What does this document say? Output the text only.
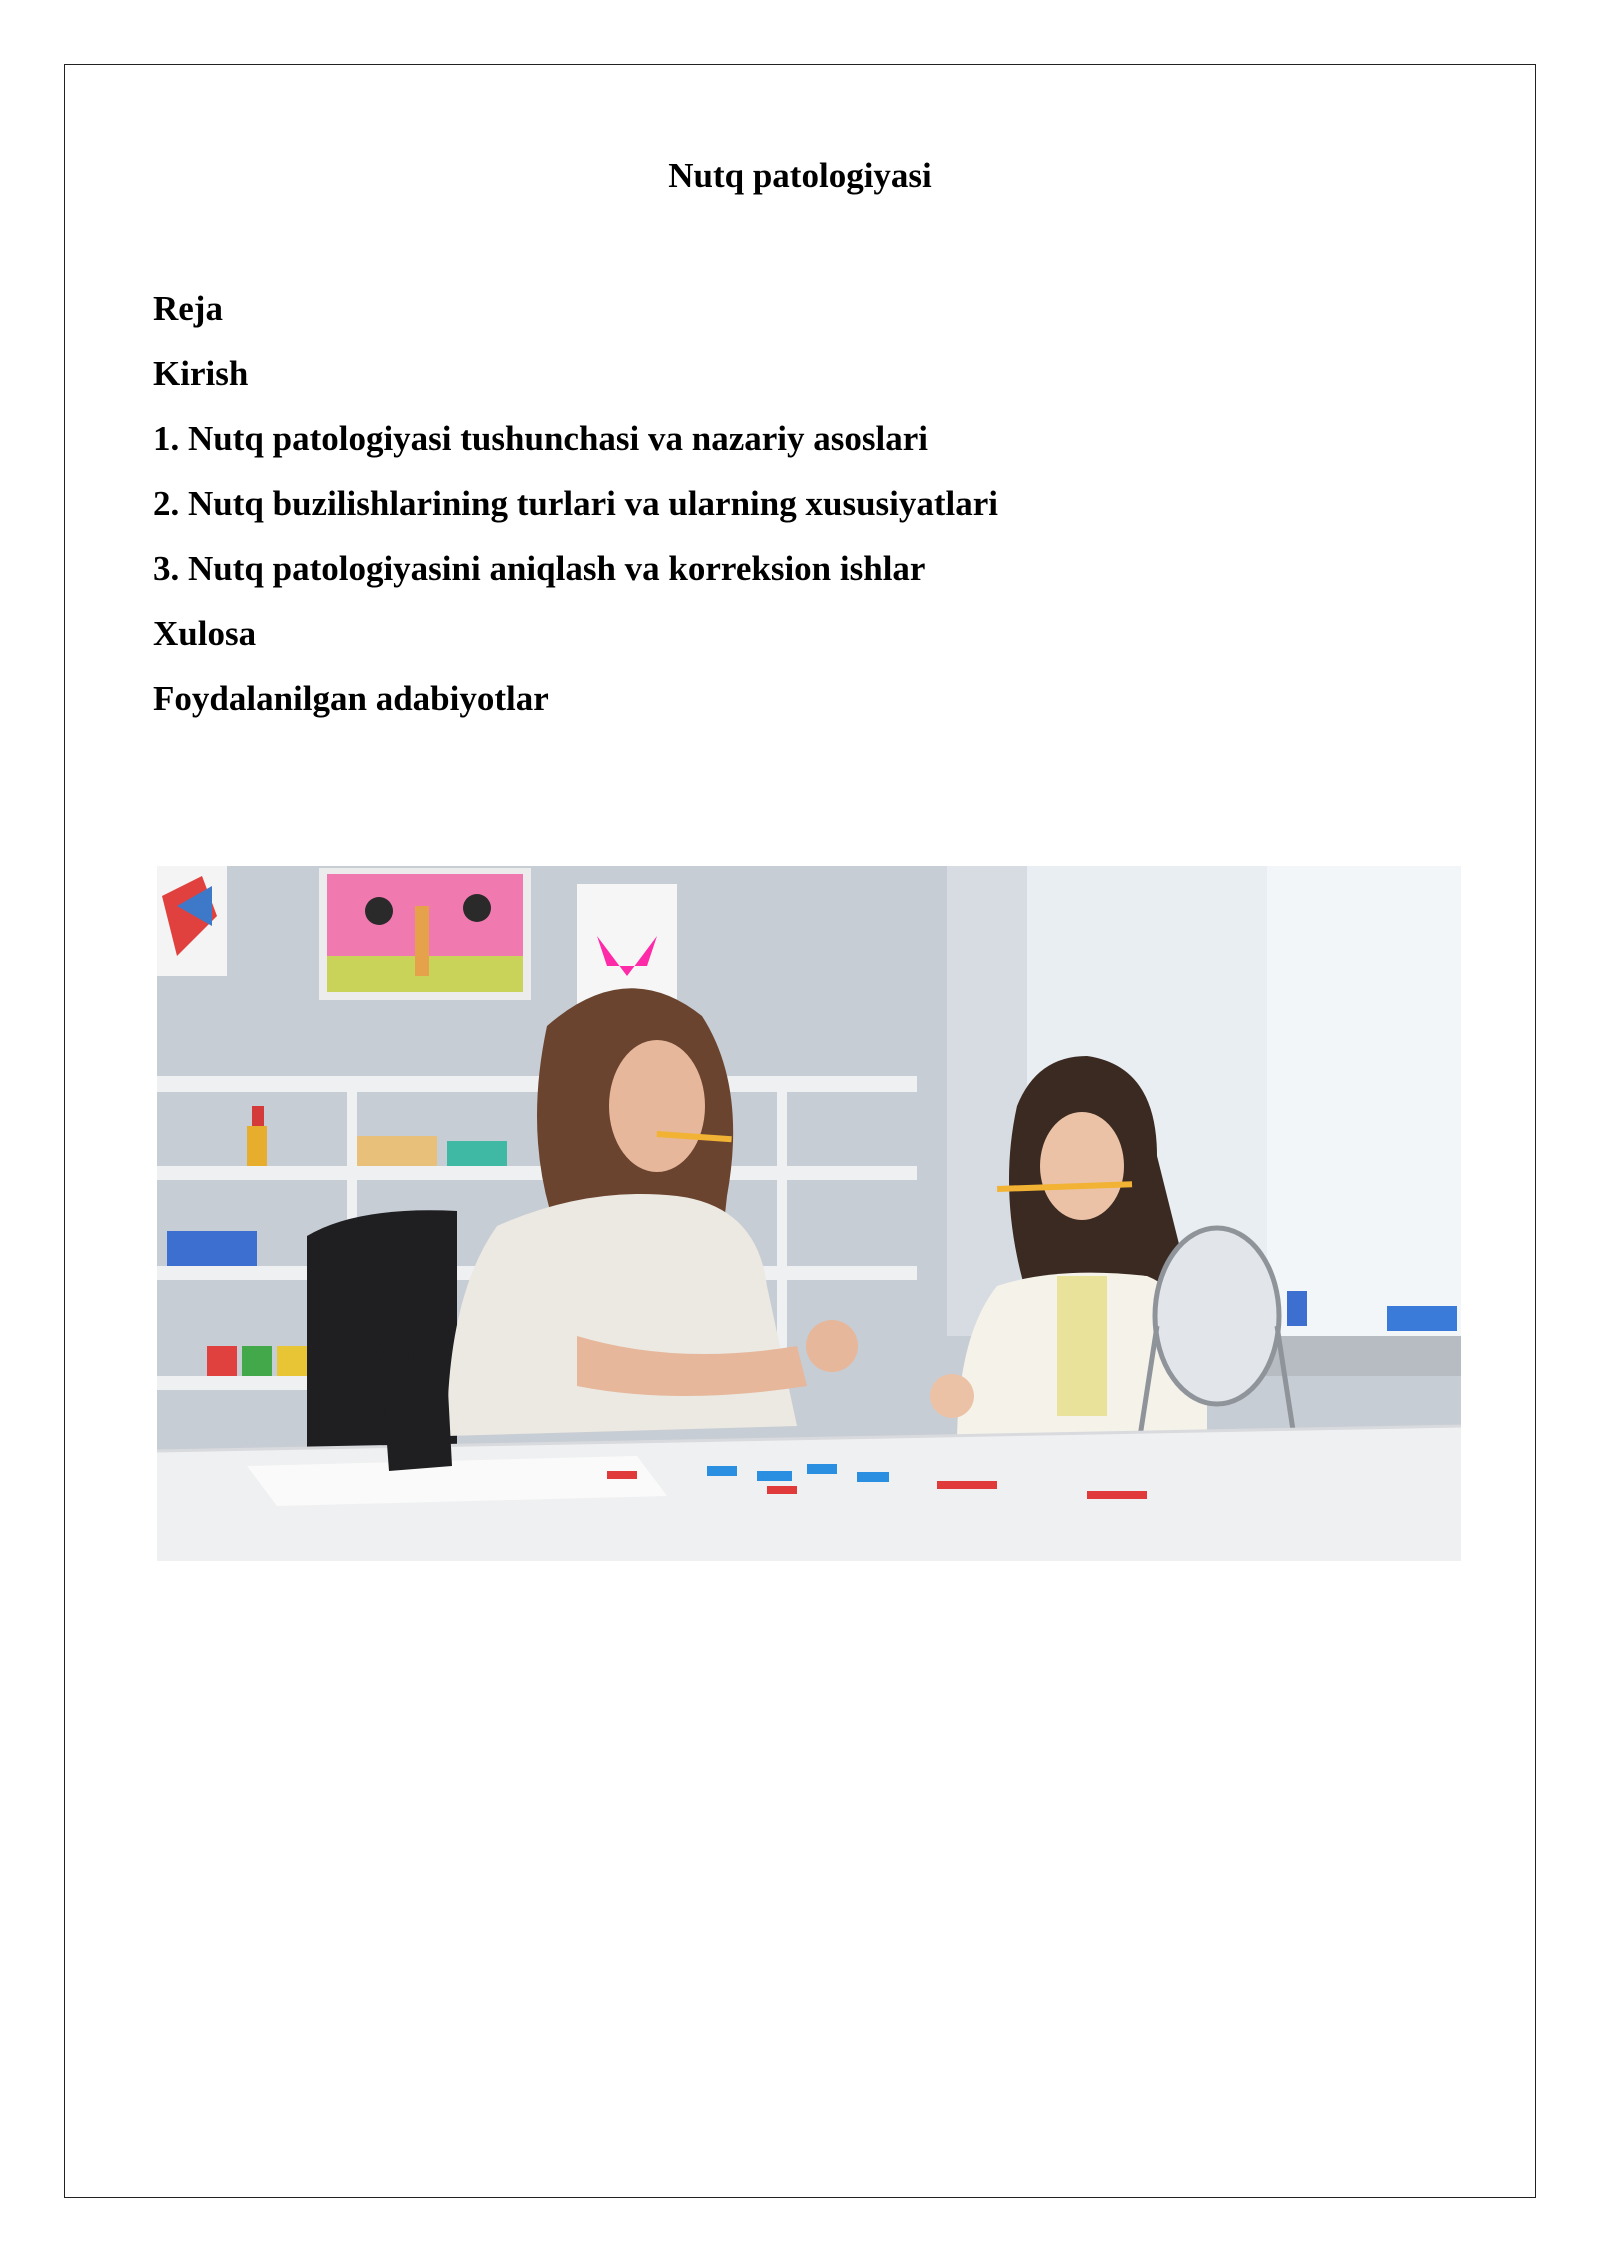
Nutq patologiyasi
Reja
Kirish
1. Nutq patologiyasi tushunchasi va nazariy asoslari
2. Nutq buzilishlarining turlari va ularning xususiyatlari
3. Nutq patologiyasini aniqlash va korreksion ishlar
Xulosa
Foydalanilgan adabiyotlar
